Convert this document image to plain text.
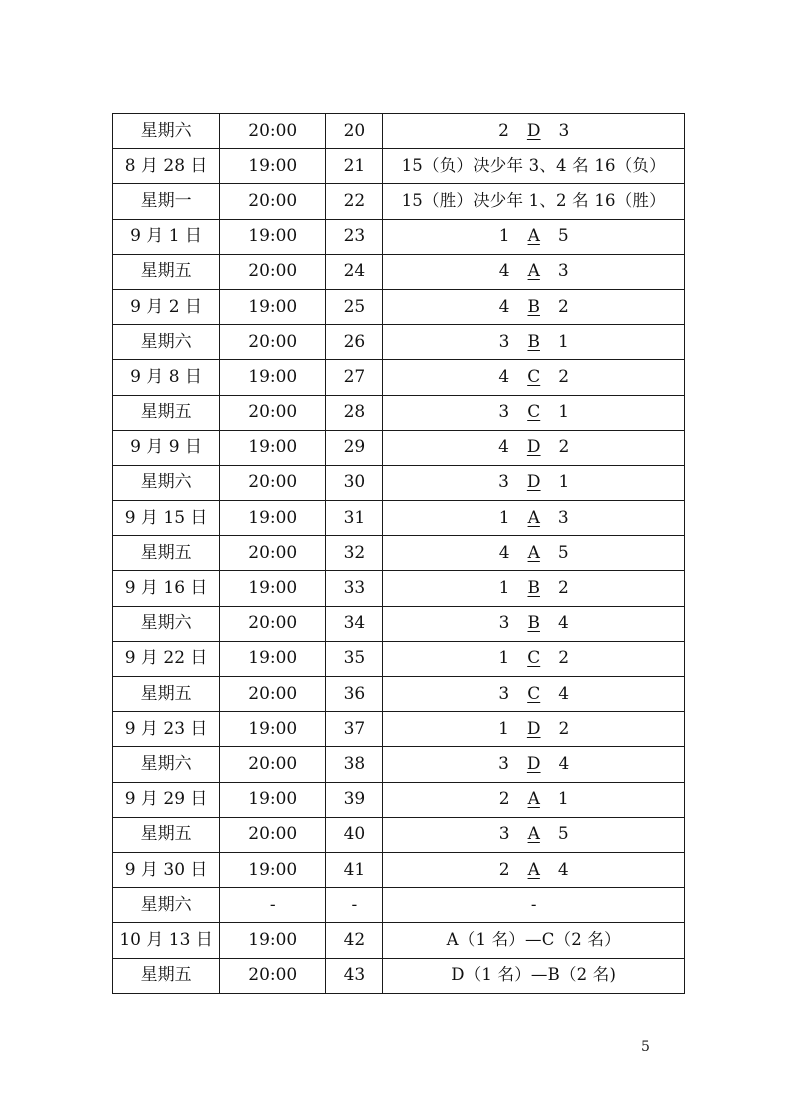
星期六	20:00	20	2 D 3
8 月 28 日	19:00	21	15（负）决少年 3、4 名 16（负）
星期一	20:00	22	15（胜）决少年 1、2 名 16（胜）
9 月 1 日	19:00	23	1 A 5
星期五	20:00	24	4 A 3
9 月 2 日	19:00	25	4 B 2
星期六	20:00	26	3 B 1
9 月 8 日	19:00	27	4 C 2
星期五	20:00	28	3 C 1
9 月 9 日	19:00	29	4 D 2
星期六	20:00	30	3 D 1
9 月 15 日	19:00	31	1 A 3
星期五	20:00	32	4 A 5
9 月 16 日	19:00	33	1 B 2
星期六	20:00	34	3 B 4
9 月 22 日	19:00	35	1 C 2
星期五	20:00	36	3 C 4
9 月 23 日	19:00	37	1 D 2
星期六	20:00	38	3 D 4
9 月 29 日	19:00	39	2 A 1
星期五	20:00	40	3 A 5
9 月 30 日	19:00	41	2 A 4
星期六	-	-	-
10 月 13 日	19:00	42	A（1 名）—C（2 名）
星期五	20:00	43	D（1 名）—B（2 名)
5
